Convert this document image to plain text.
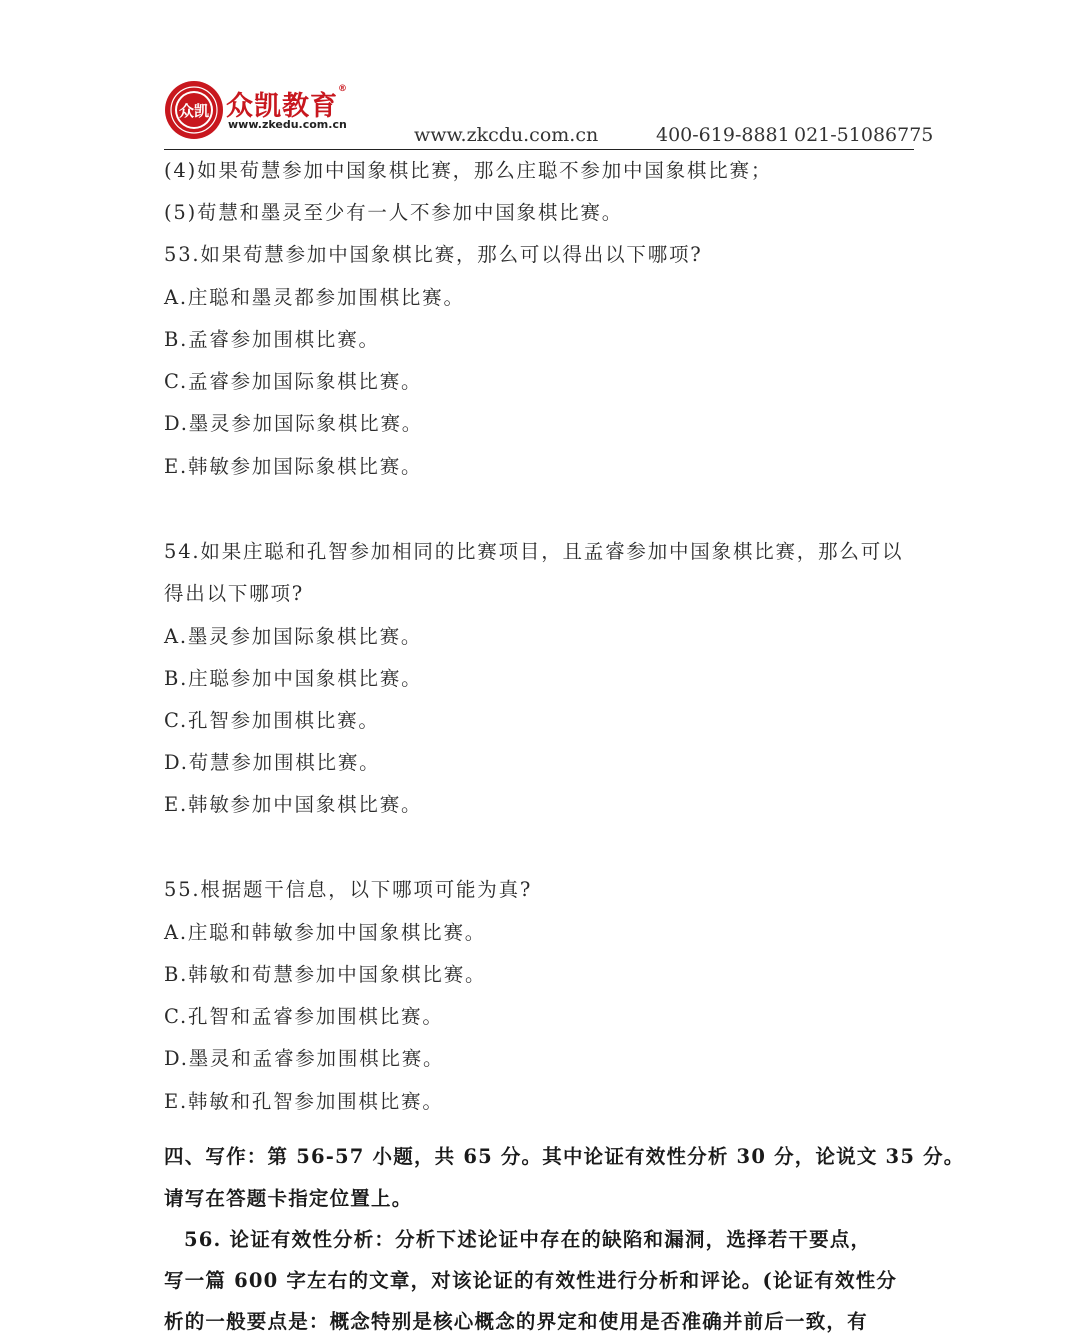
众凯 众凯教育®
www.zkedu.com.cn	www.zkcdu.com.cn	400-619-8881 021-51086775
(4)如果荀慧参加中国象棋比赛，那么庄聪不参加中国象棋比赛；
(5)荀慧和墨灵至少有一人不参加中国象棋比赛。
53.如果荀慧参加中国象棋比赛，那么可以得出以下哪项?
A.庄聪和墨灵都参加围棋比赛。
B.孟睿参加围棋比赛。
C.孟睿参加国际象棋比赛。
D.墨灵参加国际象棋比赛。
E.韩敏参加国际象棋比赛。
54.如果庄聪和孔智参加相同的比赛项目，且孟睿参加中国象棋比赛，那么可以
得出以下哪项?
A.墨灵参加国际象棋比赛。
B.庄聪参加中国象棋比赛。
C.孔智参加围棋比赛。
D.荀慧参加围棋比赛。
E.韩敏参加中国象棋比赛。
55.根据题干信息，以下哪项可能为真?
A.庄聪和韩敏参加中国象棋比赛。
B.韩敏和荀慧参加中国象棋比赛。
C.孔智和孟睿参加围棋比赛。
D.墨灵和孟睿参加围棋比赛。
E.韩敏和孔智参加围棋比赛。
四、写作：第 56-57 小题，共 65 分。其中论证有效性分析 30 分，论说文 35 分。
请写在答题卡指定位置上。
56. 论证有效性分析：分析下述论证中存在的缺陷和漏洞，选择若干要点，
写一篇 600 字左右的文章，对该论证的有效性进行分析和评论。(论证有效性分
析的一般要点是：概念特别是核心概念的界定和使用是否准确并前后一致，有
